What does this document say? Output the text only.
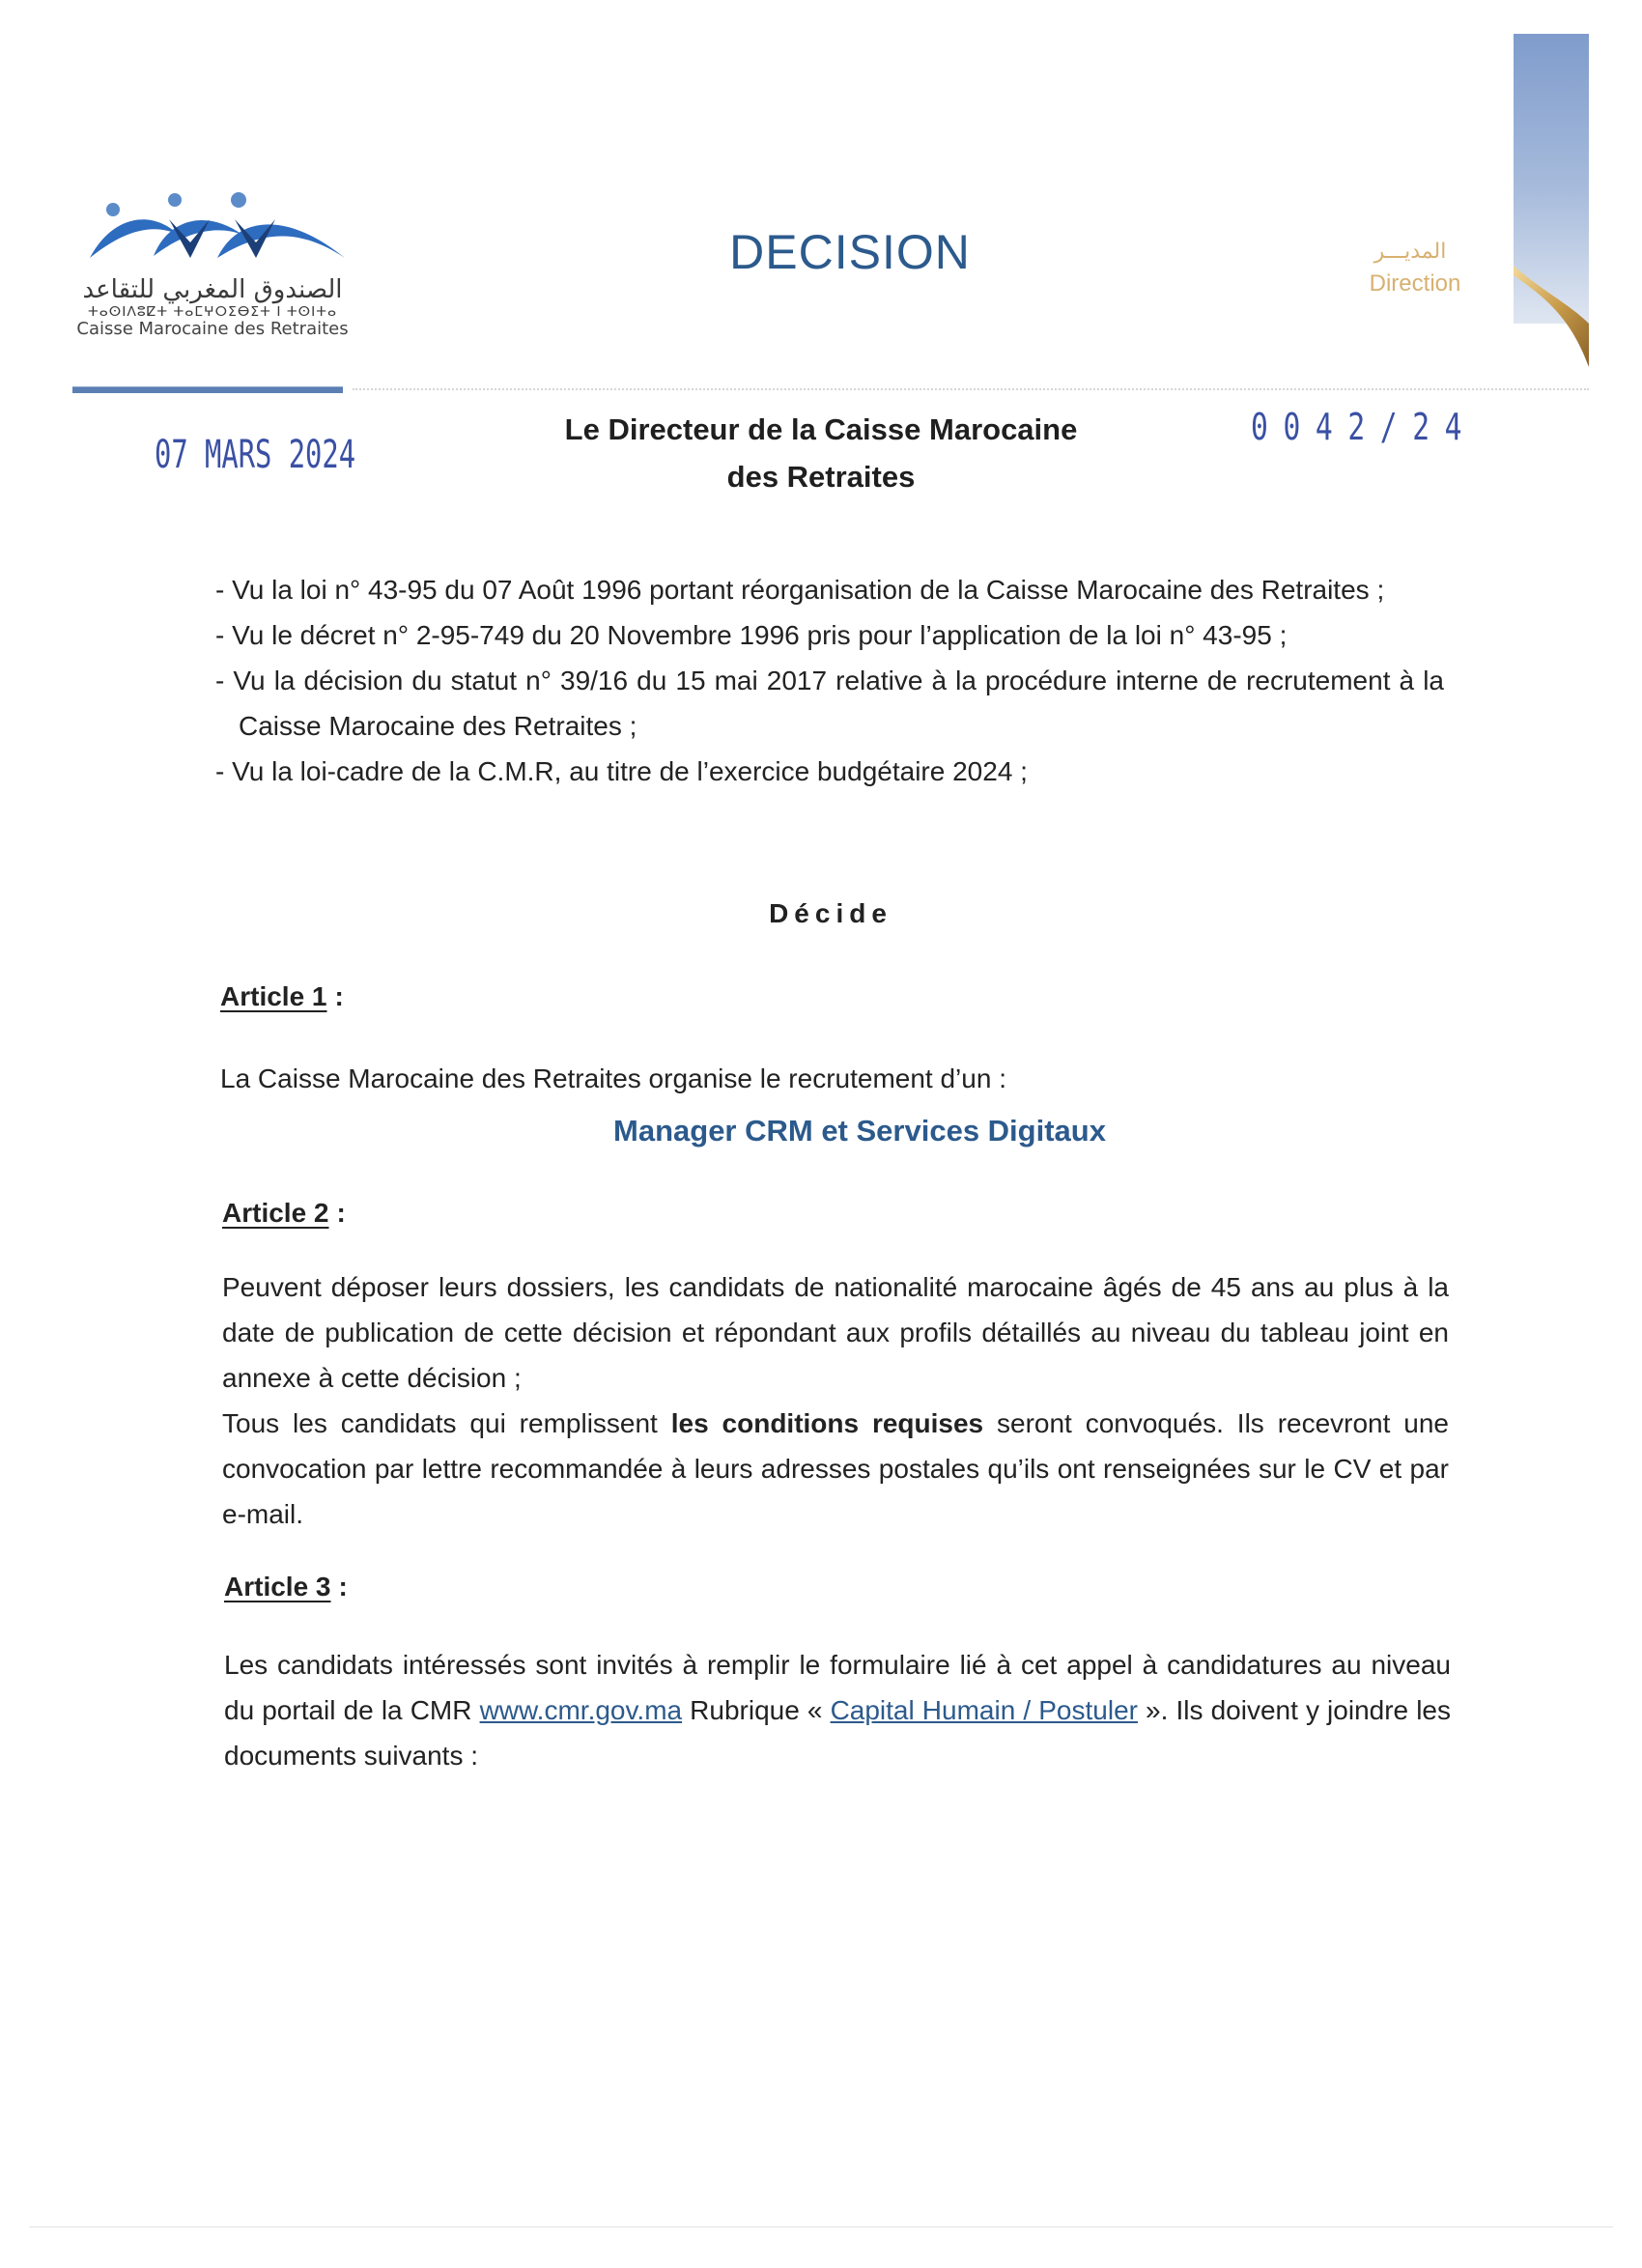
الصندوق المغربي للتقاعد
ⵜⴰⵙⵏⴷⵓⵇⵜ ⵜⴰⵎⵖⵔⵉⴱⵉⵜ ⵏ ⵜⵙⵏⵜⴰ
Caisse Marocaine des Retraites
DECISION	المديـــر
Direction
07 MARS 2024
0042/24
Le Directeur de la Caisse Marocaine
des Retraites

- Vu la loi n° 43-95 du 07 Août 1996 portant réorganisation de la Caisse Marocaine des Retraites ;

- Vu le décret n° 2-95-749 du 20 Novembre 1996 pris pour l’application de la loi n° 43-95 ;

- Vu la décision du statut n° 39/16 du 15 mai 2017 relative à la procédure interne de recrutement à la Caisse Marocaine des Retraites ;

- Vu la loi-cadre de la C.M.R, au titre de l’exercice budgétaire 2024 ;

Décide
Article 1 :
La Caisse Marocaine des Retraites organise le recrutement d’un :
Manager CRM et Services Digitaux
Article 2 :
Peuvent déposer leurs dossiers, les candidats de nationalité marocaine âgés de 45 ans au plus à la date de publication de cette décision et répondant aux profils détaillés au niveau du tableau joint en annexe à cette décision ;
Tous les candidats qui remplissent les conditions requises seront convoqués. Ils recevront une convocation par lettre recommandée à leurs adresses postales qu’ils ont renseignées sur le CV et par e-mail.
Article 3 :
Les candidats intéressés sont invités à remplir le formulaire lié à cet appel à candidatures au niveau du portail de la CMR www.cmr.gov.ma Rubrique « Capital Humain / Postuler ». Ils doivent y joindre les documents suivants :
